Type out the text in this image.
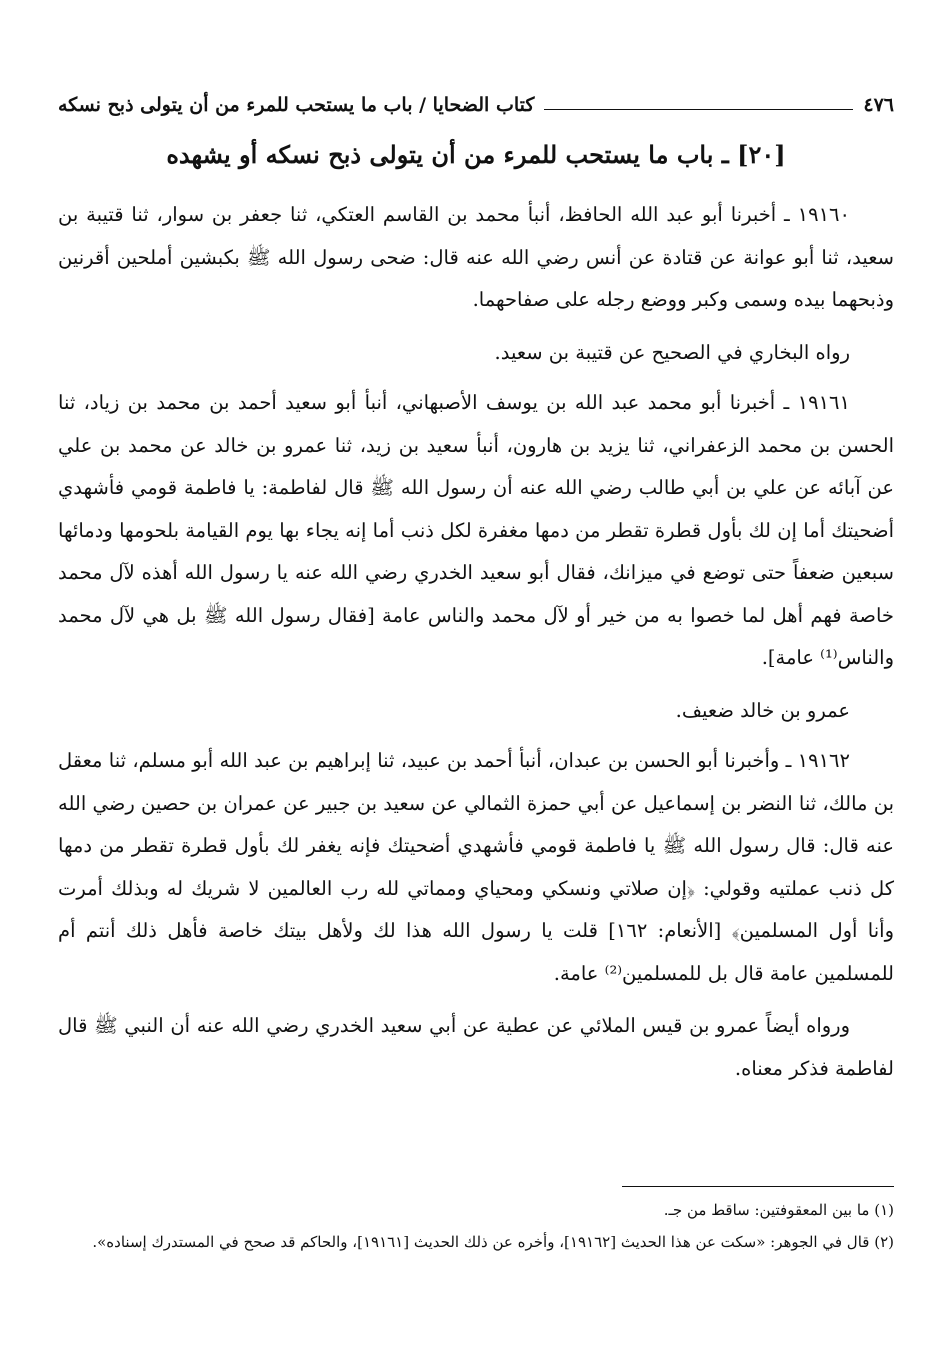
٤٧٦
كتاب الضحايا / باب ما يستحب للمرء من أن يتولى ذبح نسكه
[٢٠] ـ باب ما يستحب للمرء من أن يتولى ذبح نسكه أو يشهده

١٩١٦٠ ـ أخبرنا أبو عبد الله الحافظ، أنبأ محمد بن القاسم العتكي، ثنا جعفر بن سوار، ثنا قتيبة بن سعيد، ثنا أبو عوانة عن قتادة عن أنس رضي الله عنه قال: ضحى رسول الله ﷺ بكبشين أملحين أقرنين وذبحهما بيده وسمى وكبر ووضع رجله على صفاحهما.

رواه البخاري في الصحيح عن قتيبة بن سعيد.

١٩١٦١ ـ أخبرنا أبو محمد عبد الله بن يوسف الأصبهاني، أنبأ أبو سعيد أحمد بن محمد بن زياد، ثنا الحسن بن محمد الزعفراني، ثنا يزيد بن هارون، أنبأ سعيد بن زيد، ثنا عمرو بن خالد عن محمد بن علي عن آبائه عن علي بن أبي طالب رضي الله عنه أن رسول الله ﷺ قال لفاطمة: يا فاطمة قومي فأشهدي أضحيتك أما إن لك بأول قطرة تقطر من دمها مغفرة لكل ذنب أما إنه يجاء بها يوم القيامة بلحومها ودمائها سبعين ضعفاً حتى توضع في ميزانك، فقال أبو سعيد الخدري رضي الله عنه يا رسول الله أهذه لآل محمد خاصة فهم أهل لما خصوا به من خير أو لآل محمد والناس عامة [فقال رسول الله ﷺ بل هي لآل محمد والناس⁽¹⁾ عامة].

عمرو بن خالد ضعيف.

١٩١٦٢ ـ وأخبرنا أبو الحسن بن عبدان، أنبأ أحمد بن عبيد، ثنا إبراهيم بن عبد الله أبو مسلم، ثنا معقل بن مالك، ثنا النضر بن إسماعيل عن أبي حمزة الثمالي عن سعيد بن جبير عن عمران بن حصين رضي الله عنه قال: قال رسول الله ﷺ يا فاطمة قومي فأشهدي أضحيتك فإنه يغفر لك بأول قطرة تقطر من دمها كل ذنب عملتيه وقولي: ﴿إن صلاتي ونسكي ومحياي ومماتي لله رب العالمين لا شريك له وبذلك أمرت وأنا أول المسلمين﴾ [الأنعام: ١٦٢] قلت يا رسول الله هذا لك ولأهل بيتك خاصة فأهل ذلك أنتم أم للمسلمين عامة قال بل للمسلمين⁽²⁾ عامة.

ورواه أيضاً عمرو بن قيس الملائي عن عطية عن أبي سعيد الخدري رضي الله عنه أن النبي ﷺ قال لفاطمة فذكر معناه.

(١) ما بين المعقوفتين: ساقط من جـ.

(٢) قال في الجوهر: «سكت عن هذا الحديث [١٩١٦٢]، وأخره عن ذلك الحديث [١٩١٦١]، والحاكم قد صحح في المستدرك إسناده».
